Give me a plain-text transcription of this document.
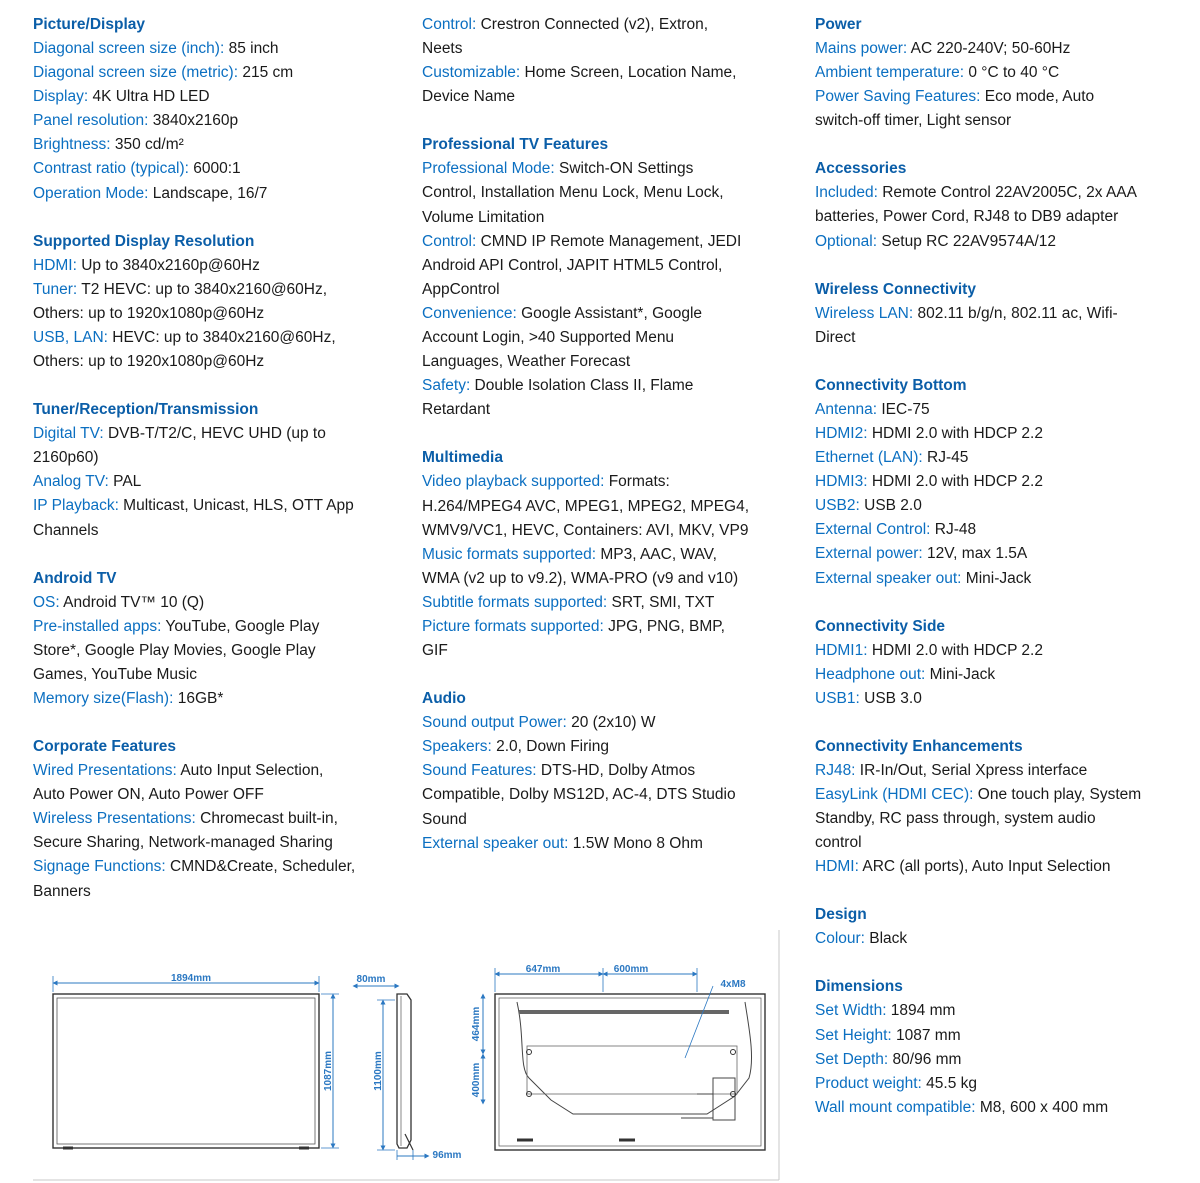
Picture/Display
Diagonal screen size (inch): 85 inch
Diagonal screen size (metric): 215 cm
Display: 4K Ultra HD LED
Panel resolution: 3840x2160p
Brightness: 350 cd/m²
Contrast ratio (typical): 6000:1
Operation Mode: Landscape, 16/7
Supported Display Resolution
HDMI: Up to 3840x2160p@60Hz
Tuner: T2 HEVC: up to 3840x2160@60Hz,
Others: up to 1920x1080p@60Hz
USB, LAN: HEVC: up to 3840x2160@60Hz,
Others: up to 1920x1080p@60Hz
Tuner/Reception/Transmission
Digital TV: DVB-T/T2/C, HEVC UHD (up to
2160p60)
Analog TV: PAL
IP Playback: Multicast, Unicast, HLS, OTT App
Channels
Android TV
OS: Android TV™ 10 (Q)
Pre-installed apps: YouTube, Google Play
Store*, Google Play Movies, Google Play
Games, YouTube Music
Memory size(Flash): 16GB*
Corporate Features
Wired Presentations: Auto Input Selection,
Auto Power ON, Auto Power OFF
Wireless Presentations: Chromecast built-in,
Secure Sharing, Network-managed Sharing
Signage Functions: CMND&Create, Scheduler,
Banners
Control: Crestron Connected (v2), Extron,
Neets
Customizable: Home Screen, Location Name,
Device Name
Professional TV Features
Professional Mode: Switch-ON Settings
Control, Installation Menu Lock, Menu Lock,
Volume Limitation
Control: CMND IP Remote Management, JEDI
Android API Control, JAPIT HTML5 Control,
AppControl
Convenience: Google Assistant*, Google
Account Login, >40 Supported Menu
Languages, Weather Forecast
Safety: Double Isolation Class II, Flame
Retardant
Multimedia
Video playback supported: Formats:
H.264/MPEG4 AVC, MPEG1, MPEG2, MPEG4,
WMV9/VC1, HEVC, Containers: AVI, MKV, VP9
Music formats supported: MP3, AAC, WAV,
WMA (v2 up to v9.2), WMA-PRO (v9 and v10)
Subtitle formats supported: SRT, SMI, TXT
Picture formats supported: JPG, PNG, BMP,
GIF
Audio
Sound output Power: 20 (2x10) W
Speakers: 2.0, Down Firing
Sound Features: DTS-HD, Dolby Atmos
Compatible, Dolby MS12D, AC-4, DTS Studio
Sound
External speaker out: 1.5W Mono 8 Ohm
Power
Mains power: AC 220-240V; 50-60Hz
Ambient temperature: 0 °C to 40 °C
Power Saving Features: Eco mode, Auto
switch-off timer, Light sensor
Accessories
Included: Remote Control 22AV2005C, 2x AAA
batteries, Power Cord, RJ48 to DB9 adapter
Optional: Setup RC 22AV9574A/12
Wireless Connectivity
Wireless LAN: 802.11 b/g/n, 802.11 ac, Wifi-
Direct
Connectivity Bottom
Antenna: IEC-75
HDMI2: HDMI 2.0 with HDCP 2.2
Ethernet (LAN): RJ-45
HDMI3: HDMI 2.0 with HDCP 2.2
USB2: USB 2.0
External Control: RJ-48
External power: 12V, max 1.5A
External speaker out: Mini-Jack
Connectivity Side
HDMI1: HDMI 2.0 with HDCP 2.2
Headphone out: Mini-Jack
USB1: USB 3.0
Connectivity Enhancements
RJ48: IR-In/Out, Serial Xpress interface
EasyLink (HDMI CEC): One touch play, System
Standby, RC pass through, system audio
control
HDMI: ARC (all ports), Auto Input Selection
Design
Colour: Black
Dimensions
Set Width: 1894 mm
Set Height: 1087 mm
Set Depth: 80/96 mm
Product weight: 45.5 kg
Wall mount compatible: M8, 600 x 400 mm
1894mm
1087mm
80mm
1100mm
96mm
647mm	600mm
4xM8
464mm
400mm
